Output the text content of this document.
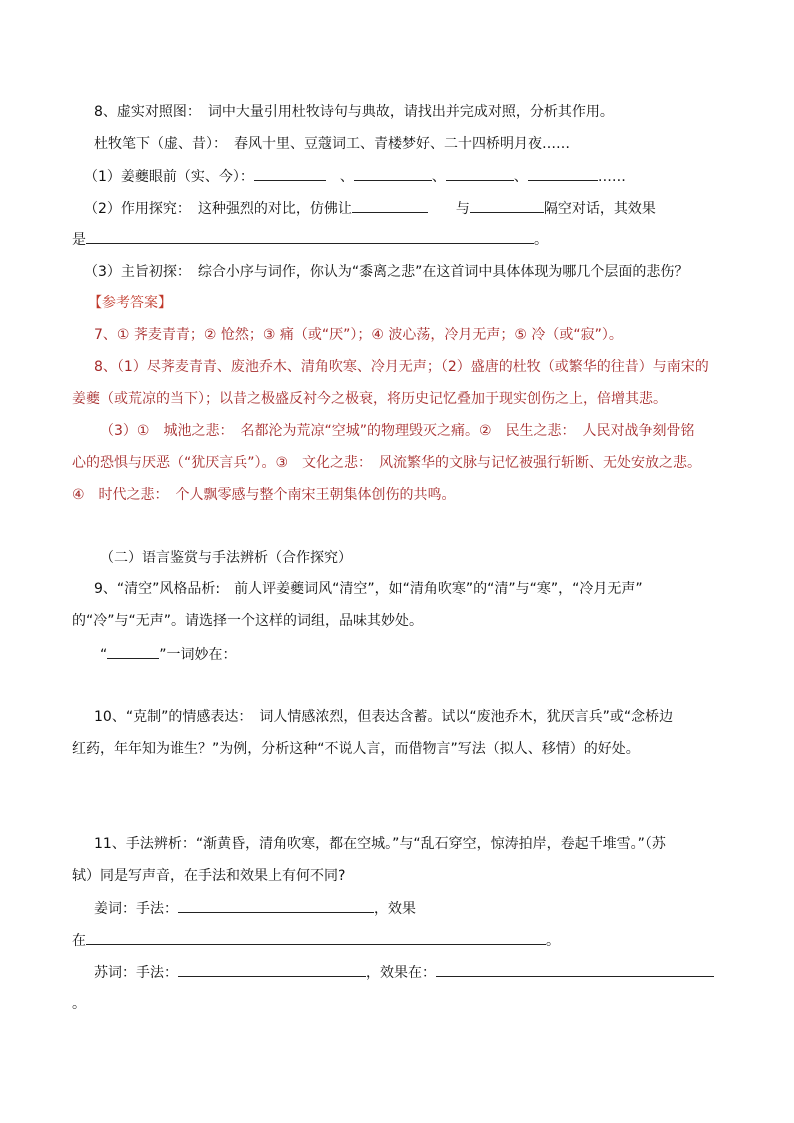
8、虚实对照图：　词中大量引用杜牧诗句与典故，请找出并完成对照，分析其作用。
杜牧笔下（虚、昔）：　春风十里、豆蔻词工、青楼梦好、二十四桥明月夜……
（1）姜夔眼前（实、今）：　	、	、	、	……
（2）作用探究：　这种强烈的对比，仿佛让　　	与	隔空对话，其效果
是	。
（3）主旨初探：　综合小序与词作，你认为“黍离之悲”在这首词中具体体现为哪几个层面的悲伤？
【参考答案】
7、① 荠麦青青；② 怆然；③ 痛（或“厌”）；④ 波心荡，冷月无声；⑤ 冷（或“寂”）。
8、（1）尽荠麦青青、废池乔木、清角吹寒、冷月无声；（2）盛唐的杜牧（或繁华的往昔）与南宋的
姜夔（或荒凉的当下）；以昔之极盛反衬今之极衰，将历史记忆叠加于现实创伤之上，倍增其悲。
（3）①　城池之悲：　名都沦为荒凉“空城”的物理毁灭之痛。②　民生之悲：　人民对战争刻骨铭
心的恐惧与厌恶（“犹厌言兵”）。③　文化之悲：　风流繁华的文脉与记忆被强行斩断、无处安放之悲。
④　时代之悲：　个人飘零感与整个南宋王朝集体创伤的共鸣。
（二）语言鉴赏与手法辨析（合作探究）
9、“清空”风格品析:　前人评姜夔词风“清空”，如“清角吹寒”的“清”与“寒”，“冷月无声”
的“冷”与“无声”。请选择一个这样的词组，品味其妙处。
“	”一词妙在：
10、“克制”的情感表达：　词人情感浓烈，但表达含蓄。试以“废池乔木，犹厌言兵”或“念桥边
红药，年年知为谁生？”为例，分析这种“不说人言，而借物言”写法（拟人、移情）的好处。
11、手法辨析：“渐黄昏，清角吹寒，都在空城。”与“乱石穿空，惊涛拍岸，卷起千堆雪。”（苏
轼）同是写声音，在手法和效果上有何不同?
姜词：手法：	，效果
在	。
苏词：手法：	，效果在：
。
